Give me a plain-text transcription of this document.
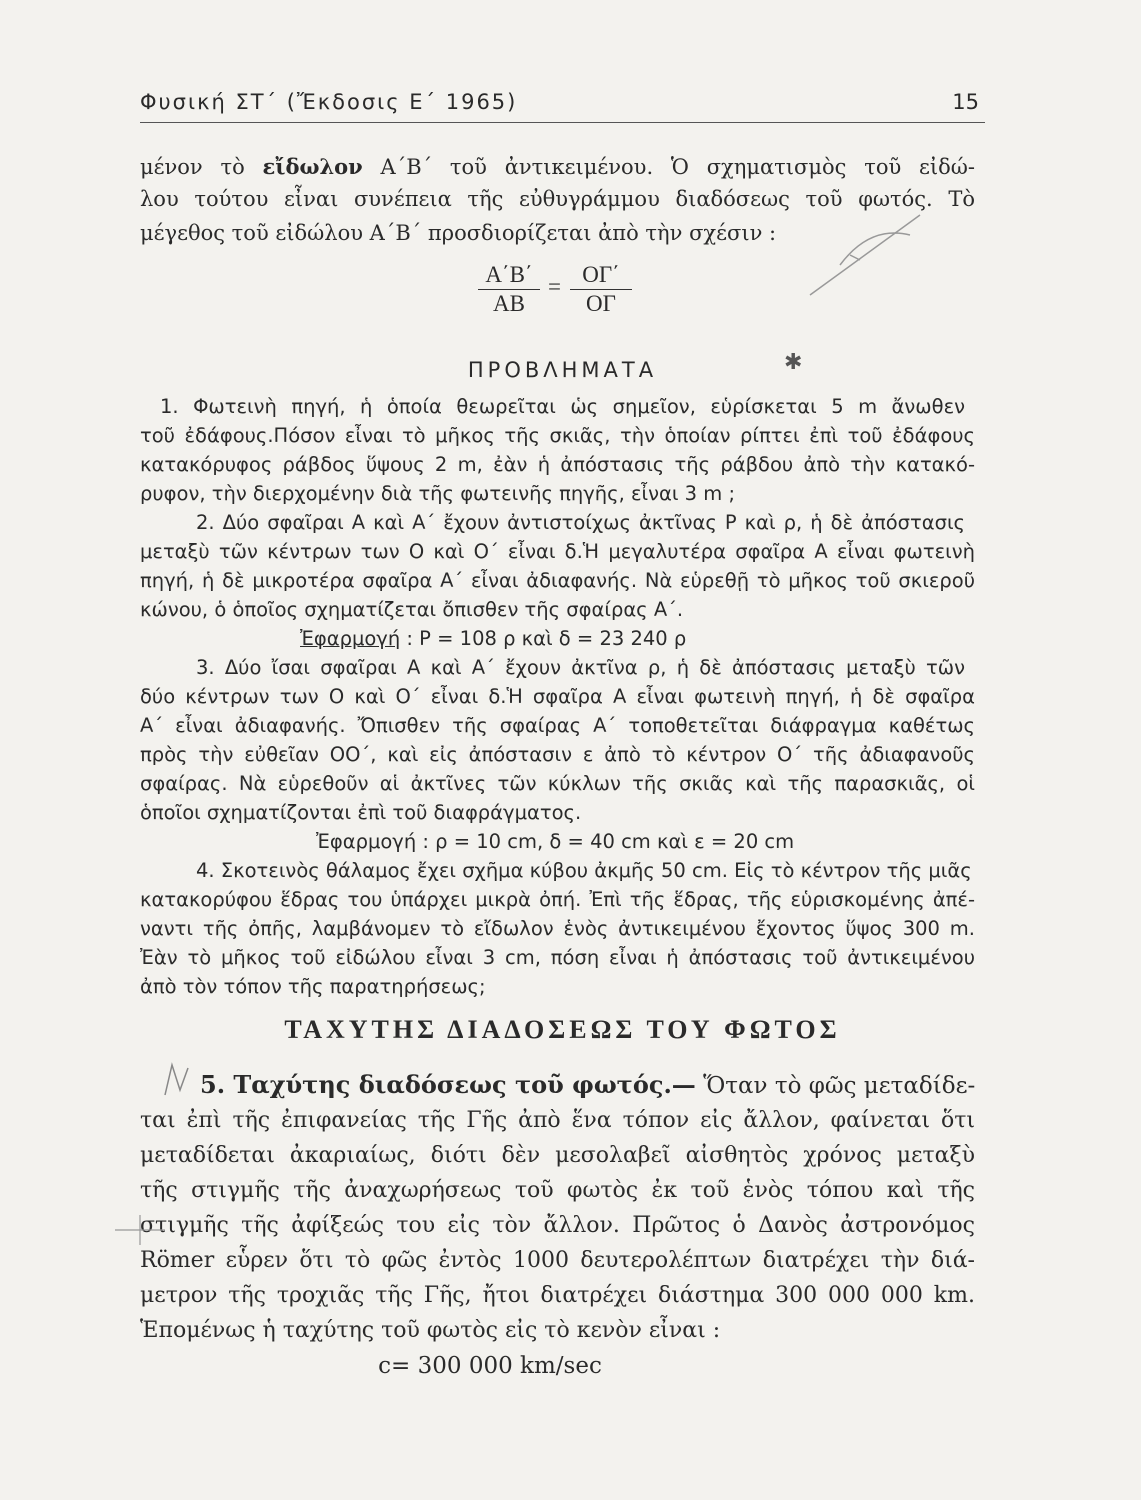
Φυσική ΣΤ΄ (Ἔκδοσις Ε΄ 1965)	15
μένον τὸ εἴδωλον Α΄Β΄ τοῦ ἀντικειμένου. Ὁ σχηματισμὸς τοῦ εἰδώ-
λου τούτου εἶναι συνέπεια τῆς εὐθυγράμμου διαδόσεως τοῦ φωτός. Τὸ
μέγεθος τοῦ εἰδώλου Α΄Β΄ προσδιορίζεται ἀπὸ τὴν σχέσιν :
$\frac{A΄B΄}{AB} = \frac{O\Gamma΄}{O\Gamma}$
ΠΡΟΒΛΗΜΑΤΑ	✱
1. Φωτεινὴ πηγή, ἡ ὁποία θεωρεῖται ὡς σημεῖον, εὑρίσκεται 5 m ἄνωθεν
τοῦ ἐδάφους.Πόσον εἶναι τὸ μῆκος τῆς σκιᾶς, τὴν ὁποίαν ρίπτει ἐπὶ τοῦ ἐδάφους
κατακόρυφος ράβδος ὕψους 2 m, ἐὰν ἡ ἀπόστασις τῆς ράβδου ἀπὸ τὴν κατακό-
ρυφον, τὴν διερχομένην διὰ τῆς φωτεινῆς πηγῆς, εἶναι 3 m ;
2. Δύο σφαῖραι Α καὶ Α΄ ἔχουν ἀντιστοίχως ἀκτῖνας Ρ καὶ ρ, ἡ δὲ ἀπόστασις
μεταξὺ τῶν κέντρων των Ο καὶ Ο΄ εἶναι δ.Ἡ μεγαλυτέρα σφαῖρα Α εἶναι φωτεινὴ
πηγή, ἡ δὲ μικροτέρα σφαῖρα Α΄ εἶναι ἀδιαφανής. Νὰ εὑρεθῇ τὸ μῆκος τοῦ σκιεροῦ
κώνου, ὁ ὁποῖος σχηματίζεται ὄπισθεν τῆς σφαίρας Α΄.
Ἐφαρμογή : Ρ = 108 ρ καὶ δ = 23 240 ρ
3. Δύο ἴσαι σφαῖραι Α καὶ Α΄ ἔχουν ἀκτῖνα ρ, ἡ δὲ ἀπόστασις μεταξὺ τῶν
δύο κέντρων των Ο καὶ Ο΄ εἶναι δ.Ἡ σφαῖρα Α εἶναι φωτεινὴ πηγή, ἡ δὲ σφαῖρα
Α΄ εἶναι ἀδιαφανής. Ὄπισθεν τῆς σφαίρας Α΄ τοποθετεῖται διάφραγμα καθέτως
πρὸς τὴν εὐθεῖαν ΟΟ΄, καὶ εἰς ἀπόστασιν ε ἀπὸ τὸ κέντρον Ο΄ τῆς ἀδιαφανοῦς
σφαίρας. Νὰ εὑρεθοῦν αἱ ἀκτῖνες τῶν κύκλων τῆς σκιᾶς καὶ τῆς παρασκιᾶς, οἱ
ὁποῖοι σχηματίζονται ἐπὶ τοῦ διαφράγματος.
Ἐφαρμογή : ρ = 10 cm, δ = 40 cm καὶ ε = 20 cm
4. Σκοτεινὸς θάλαμος ἔχει σχῆμα κύβου ἀκμῆς 50 cm. Εἰς τὸ κέντρον τῆς μιᾶς
κατακορύφου ἕδρας του ὑπάρχει μικρὰ ὀπή. Ἐπὶ τῆς ἕδρας, τῆς εὑρισκομένης ἀπέ-
ναντι τῆς ὀπῆς, λαμβάνομεν τὸ εἴδωλον ἑνὸς ἀντικειμένου ἔχοντος ὕψος 300 m.
Ἐὰν τὸ μῆκος τοῦ εἰδώλου εἶναι 3 cm, πόση εἶναι ἡ ἀπόστασις τοῦ ἀντικειμένου
ἀπὸ τὸν τόπον τῆς παρατηρήσεως;
ΤΑΧΥΤΗΣ ΔΙΑΔΟΣΕΩΣ ΤΟΥ ΦΩΤΟΣ
5. Ταχύτης διαδόσεως τοῦ φωτός.— Ὅταν τὸ φῶς μεταδίδε-
ται ἐπὶ τῆς ἐπιφανείας τῆς Γῆς ἀπὸ ἕνα τόπον εἰς ἄλλον, φαίνεται ὅτι
μεταδίδεται ἀκαριαίως, διότι δὲν μεσολαβεῖ αἰσθητὸς χρόνος μεταξὺ
τῆς στιγμῆς τῆς ἀναχωρήσεως τοῦ φωτὸς ἐκ τοῦ ἑνὸς τόπου καὶ τῆς
στιγμῆς τῆς ἀφίξεώς του εἰς τὸν ἄλλον. Πρῶτος ὁ Δανὸς ἀστρονόμος
Römer εὗρεν ὅτι τὸ φῶς ἐντὸς 1000 δευτερολέπτων διατρέχει τὴν διά-
μετρον τῆς τροχιᾶς τῆς Γῆς, ἤτοι διατρέχει διάστημα 300 000 000 km.
Ἑπομένως ἡ ταχύτης τοῦ φωτὸς εἰς τὸ κενὸν εἶναι :
c= 300 000 km/sec
